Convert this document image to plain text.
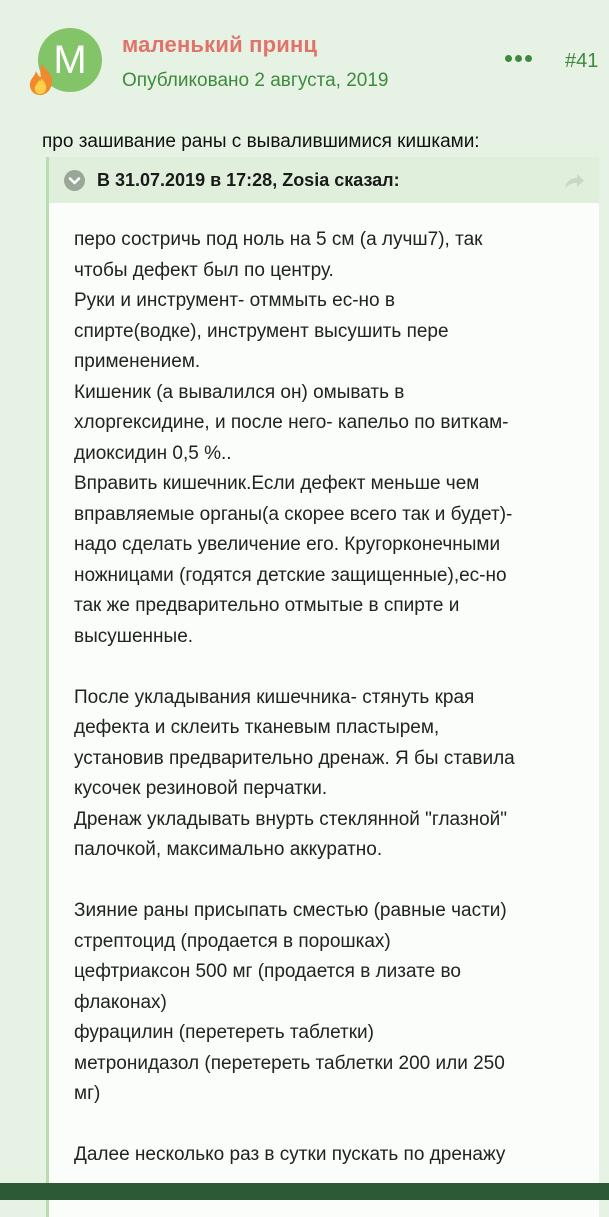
M	маленький принц
Опубликовано 2 августа, 2019
#41
про зашивание раны с вывалившимися кишками:
В 31.07.2019 в 17:28, Zosia сказал:
перо состричь под ноль на 5 см (а лучш7), так
чтобы дефект был по центру.
Руки и инструмент- отммыть ес-но в
спирте(водке), инструмент высушить пере
применением.
Кишеник (а вывалился он) омывать в
хлоргексидине, и после него- капельо по виткам-
диоксидин 0,5 %..
Вправить кишечник.Если дефект меньше чем
вправляемые органы(а скорее всего так и будет)-
надо сделать увеличение его. Кругорконечными
ножницами (годятся детские защищенные),ес-но
так же предварительно отмытые в спирте и
высушенные.
После укладывания кишечника- стянуть края
дефекта и склеить тканевым пластырем,
установив предварительно дренаж. Я бы ставила
кусочек резиновой перчатки.
Дренаж укладывать внурть стеклянной "глазной"
палочкой, максимально аккуратно.
Зияние раны присыпать сместью (равные части)
стрептоцид (продается в порошках)
цефтриаксон 500 мг (продается в лизате во
флаконах)
фурацилин (перетереть таблетки)
метронидазол (перетереть таблетки 200 или 250
мг)
Далее несколько раз в сутки пускать по дренажу
